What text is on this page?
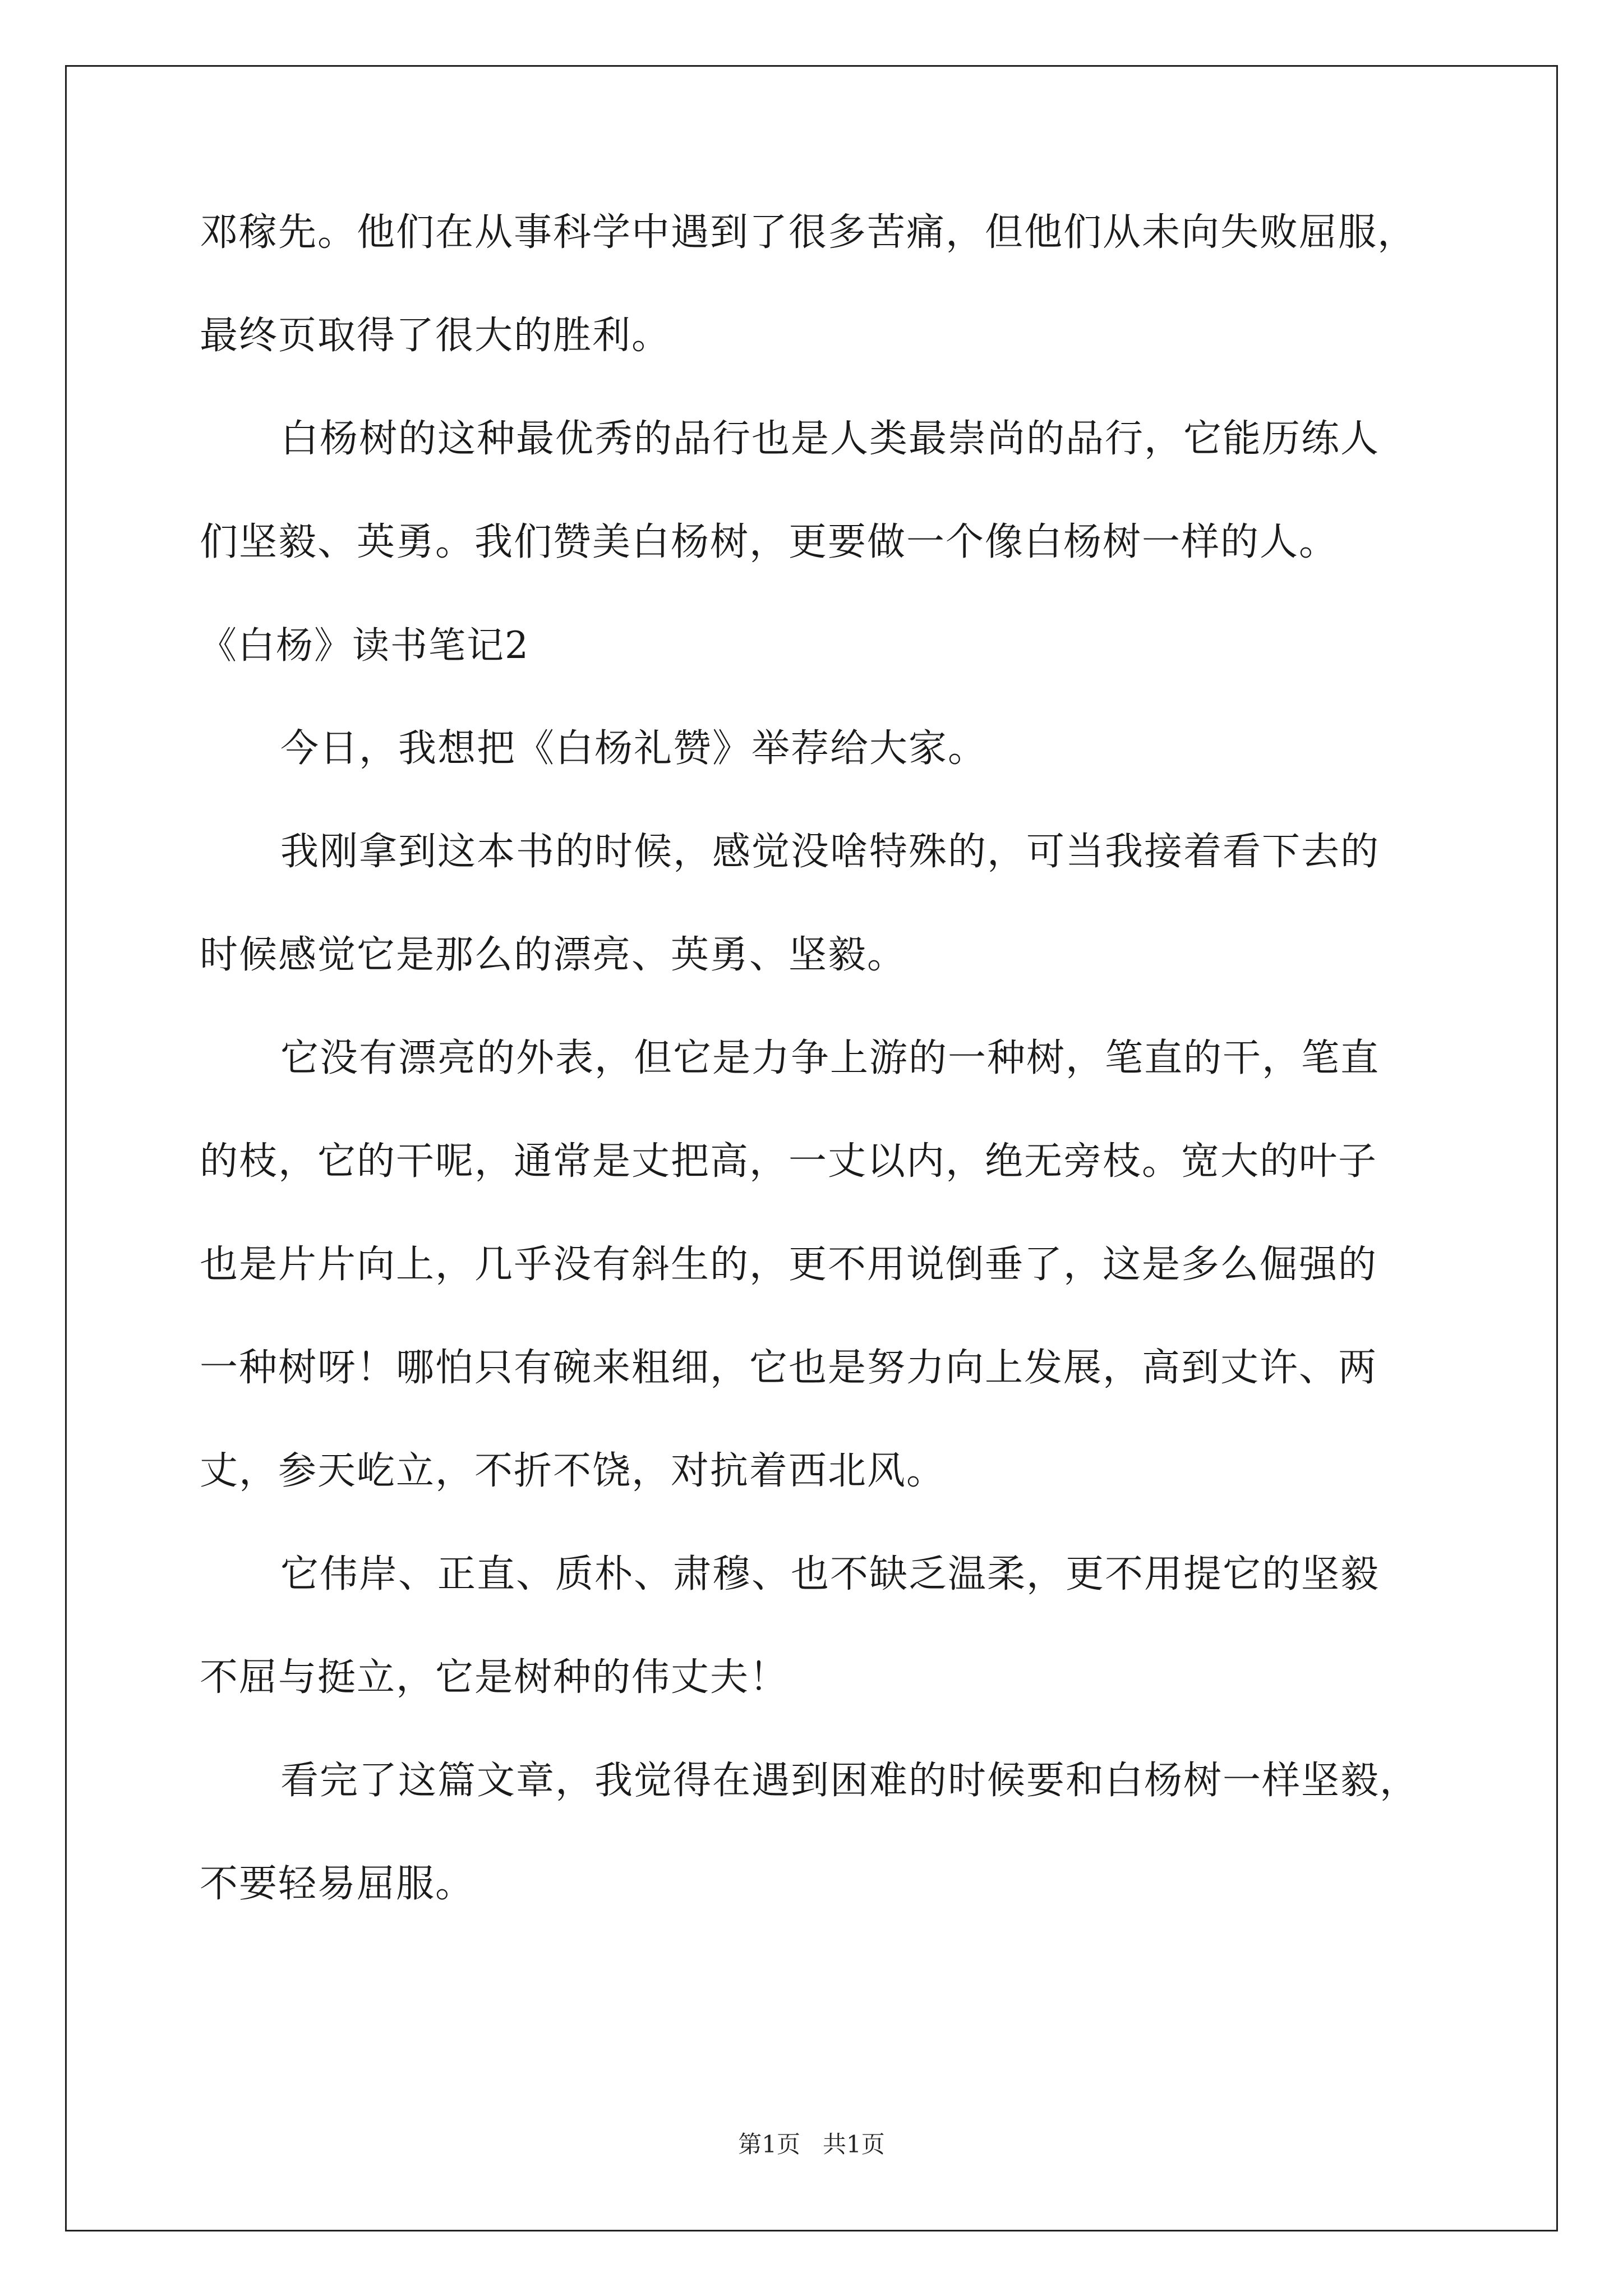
邓稼先。他们在从事科学中遇到了很多苦痛，但他们从未向失败屈服，
最终页取得了很大的胜利。
白杨树的这种最优秀的品行也是人类最崇尚的品行，它能历练人
们坚毅、英勇。我们赞美白杨树，更要做一个像白杨树一样的人。
《白杨》读书笔记2
今日，我想把《白杨礼赞》举荐给大家。
我刚拿到这本书的时候，感觉没啥特殊的，可当我接着看下去的
时候感觉它是那么的漂亮、英勇、坚毅。
它没有漂亮的外表，但它是力争上游的一种树，笔直的干，笔直
的枝，它的干呢，通常是丈把高，一丈以内，绝无旁枝。宽大的叶子
也是片片向上，几乎没有斜生的，更不用说倒垂了，这是多么倔强的
一种树呀！哪怕只有碗来粗细，它也是努力向上发展，高到丈许、两
丈，参天屹立，不折不饶，对抗着西北风。
它伟岸、正直、质朴、肃穆、也不缺乏温柔，更不用提它的坚毅
不屈与挺立，它是树种的伟丈夫！
看完了这篇文章，我觉得在遇到困难的时候要和白杨树一样坚毅，
不要轻易屈服。
第1页   共1页
